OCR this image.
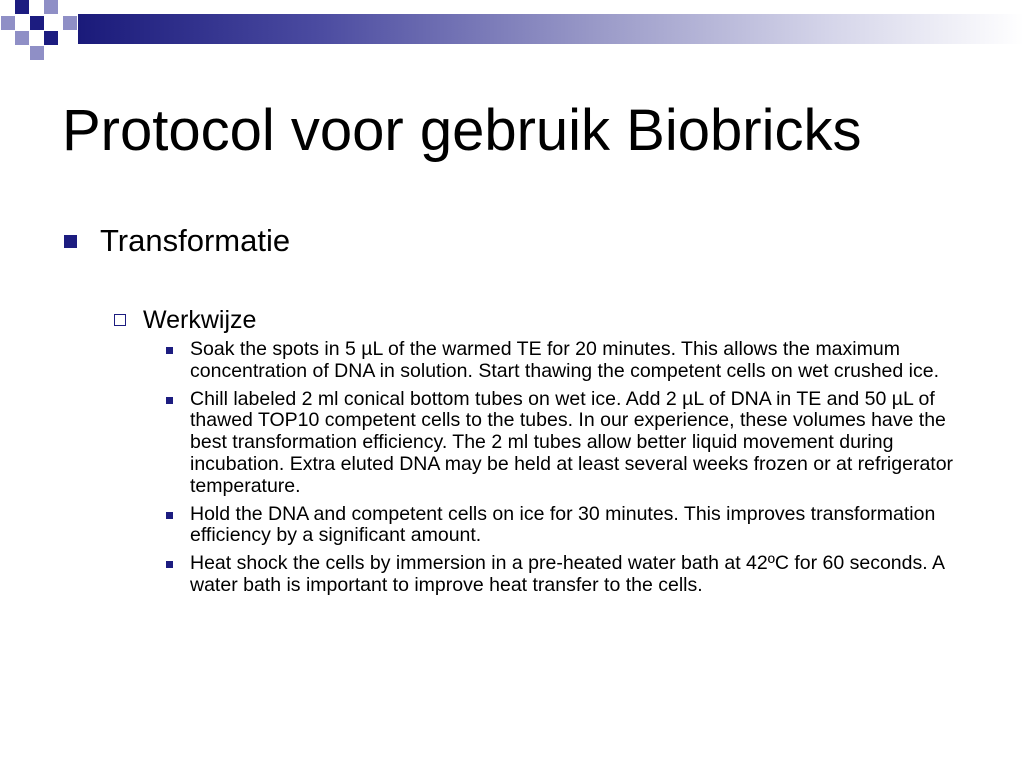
Protocol voor gebruik Biobricks
Transformatie
Werkwijze
Soak the spots in 5 µL of the warmed TE for 20 minutes. This allows the maximum concentration of DNA in solution. Start thawing the competent cells on wet crushed ice.
Chill labeled 2 ml conical bottom tubes on wet ice. Add 2 µL of DNA in TE and 50 µL of thawed TOP10 competent cells to the tubes. In our experience, these volumes have the best transformation efficiency. The 2 ml tubes allow better liquid movement during incubation. Extra eluted DNA may be held at least several weeks frozen or at refrigerator temperature.
Hold the DNA and competent cells on ice for 30 minutes. This improves transformation efficiency by a significant amount.
Heat shock the cells by immersion in a pre-heated water bath at 42ºC for 60 seconds. A water bath is important to improve heat transfer to the cells.
